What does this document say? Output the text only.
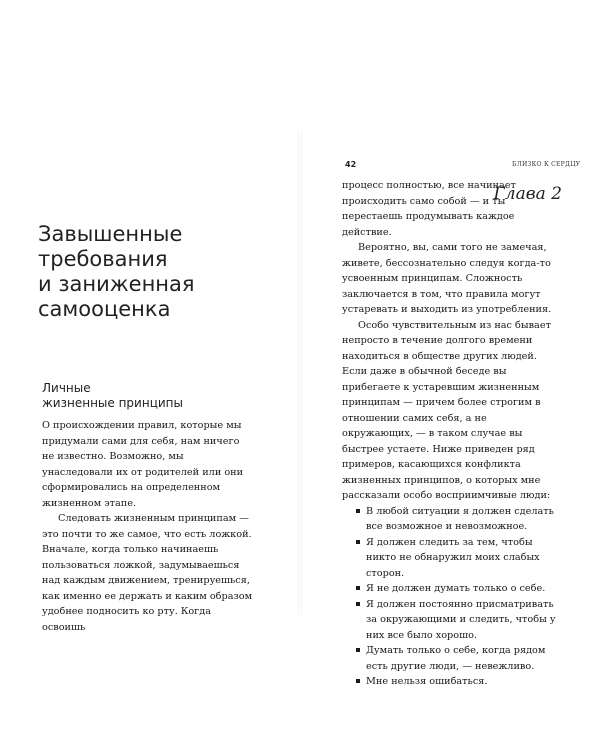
Глава 2
Завышенные
требования
и заниженная
самооценка
Личные
жизненные принципы

О происхождении правил, которые мы придумали сами для себя, нам ничего не известно. Возможно, мы унаследовали их от родителей или они сформировались на определенном жизненном этапе.

Следовать жизненным принципам — это почти то же самое, что есть ложкой. Вначале, когда только начинаешь пользоваться ложкой, задумываешься над каждым движением, тренируешься, как именно ее держать и каким образом удобнее подносить ко рту. Когда освоишь

42	БЛИЗКО К СЕРДЦУ

процесс полностью, все начинает происходить само собой — и ты перестаешь продумывать каждое действие.

Вероятно, вы, сами того не замечая, живете, бессознательно следуя когда-то усвоенным принципам. Сложность заключается в том, что правила могут устаревать и выходить из употребления.

Особо чувствительным из нас бывает непросто в течение долгого времени находиться в обществе других людей. Если даже в обычной беседе вы прибегаете к устаревшим жизненным принципам — причем более строгим в отношении самих себя, а не окружающих, — в таком случае вы быстрее устаете. Ниже приведен ряд примеров, касающихся конфликта жизненных принципов, о которых мне рассказали особо восприимчивые люди:

В любой ситуации я должен сделать все возможное и невозможное.
Я должен следить за тем, чтобы никто не обнаружил моих слабых сторон.
Я не должен думать только о себе.
Я должен постоянно присматривать за окружающими и следить, чтобы у них все было хорошо.
Думать только о себе, когда рядом есть другие люди, — невежливо.
Мне нельзя ошибаться.
